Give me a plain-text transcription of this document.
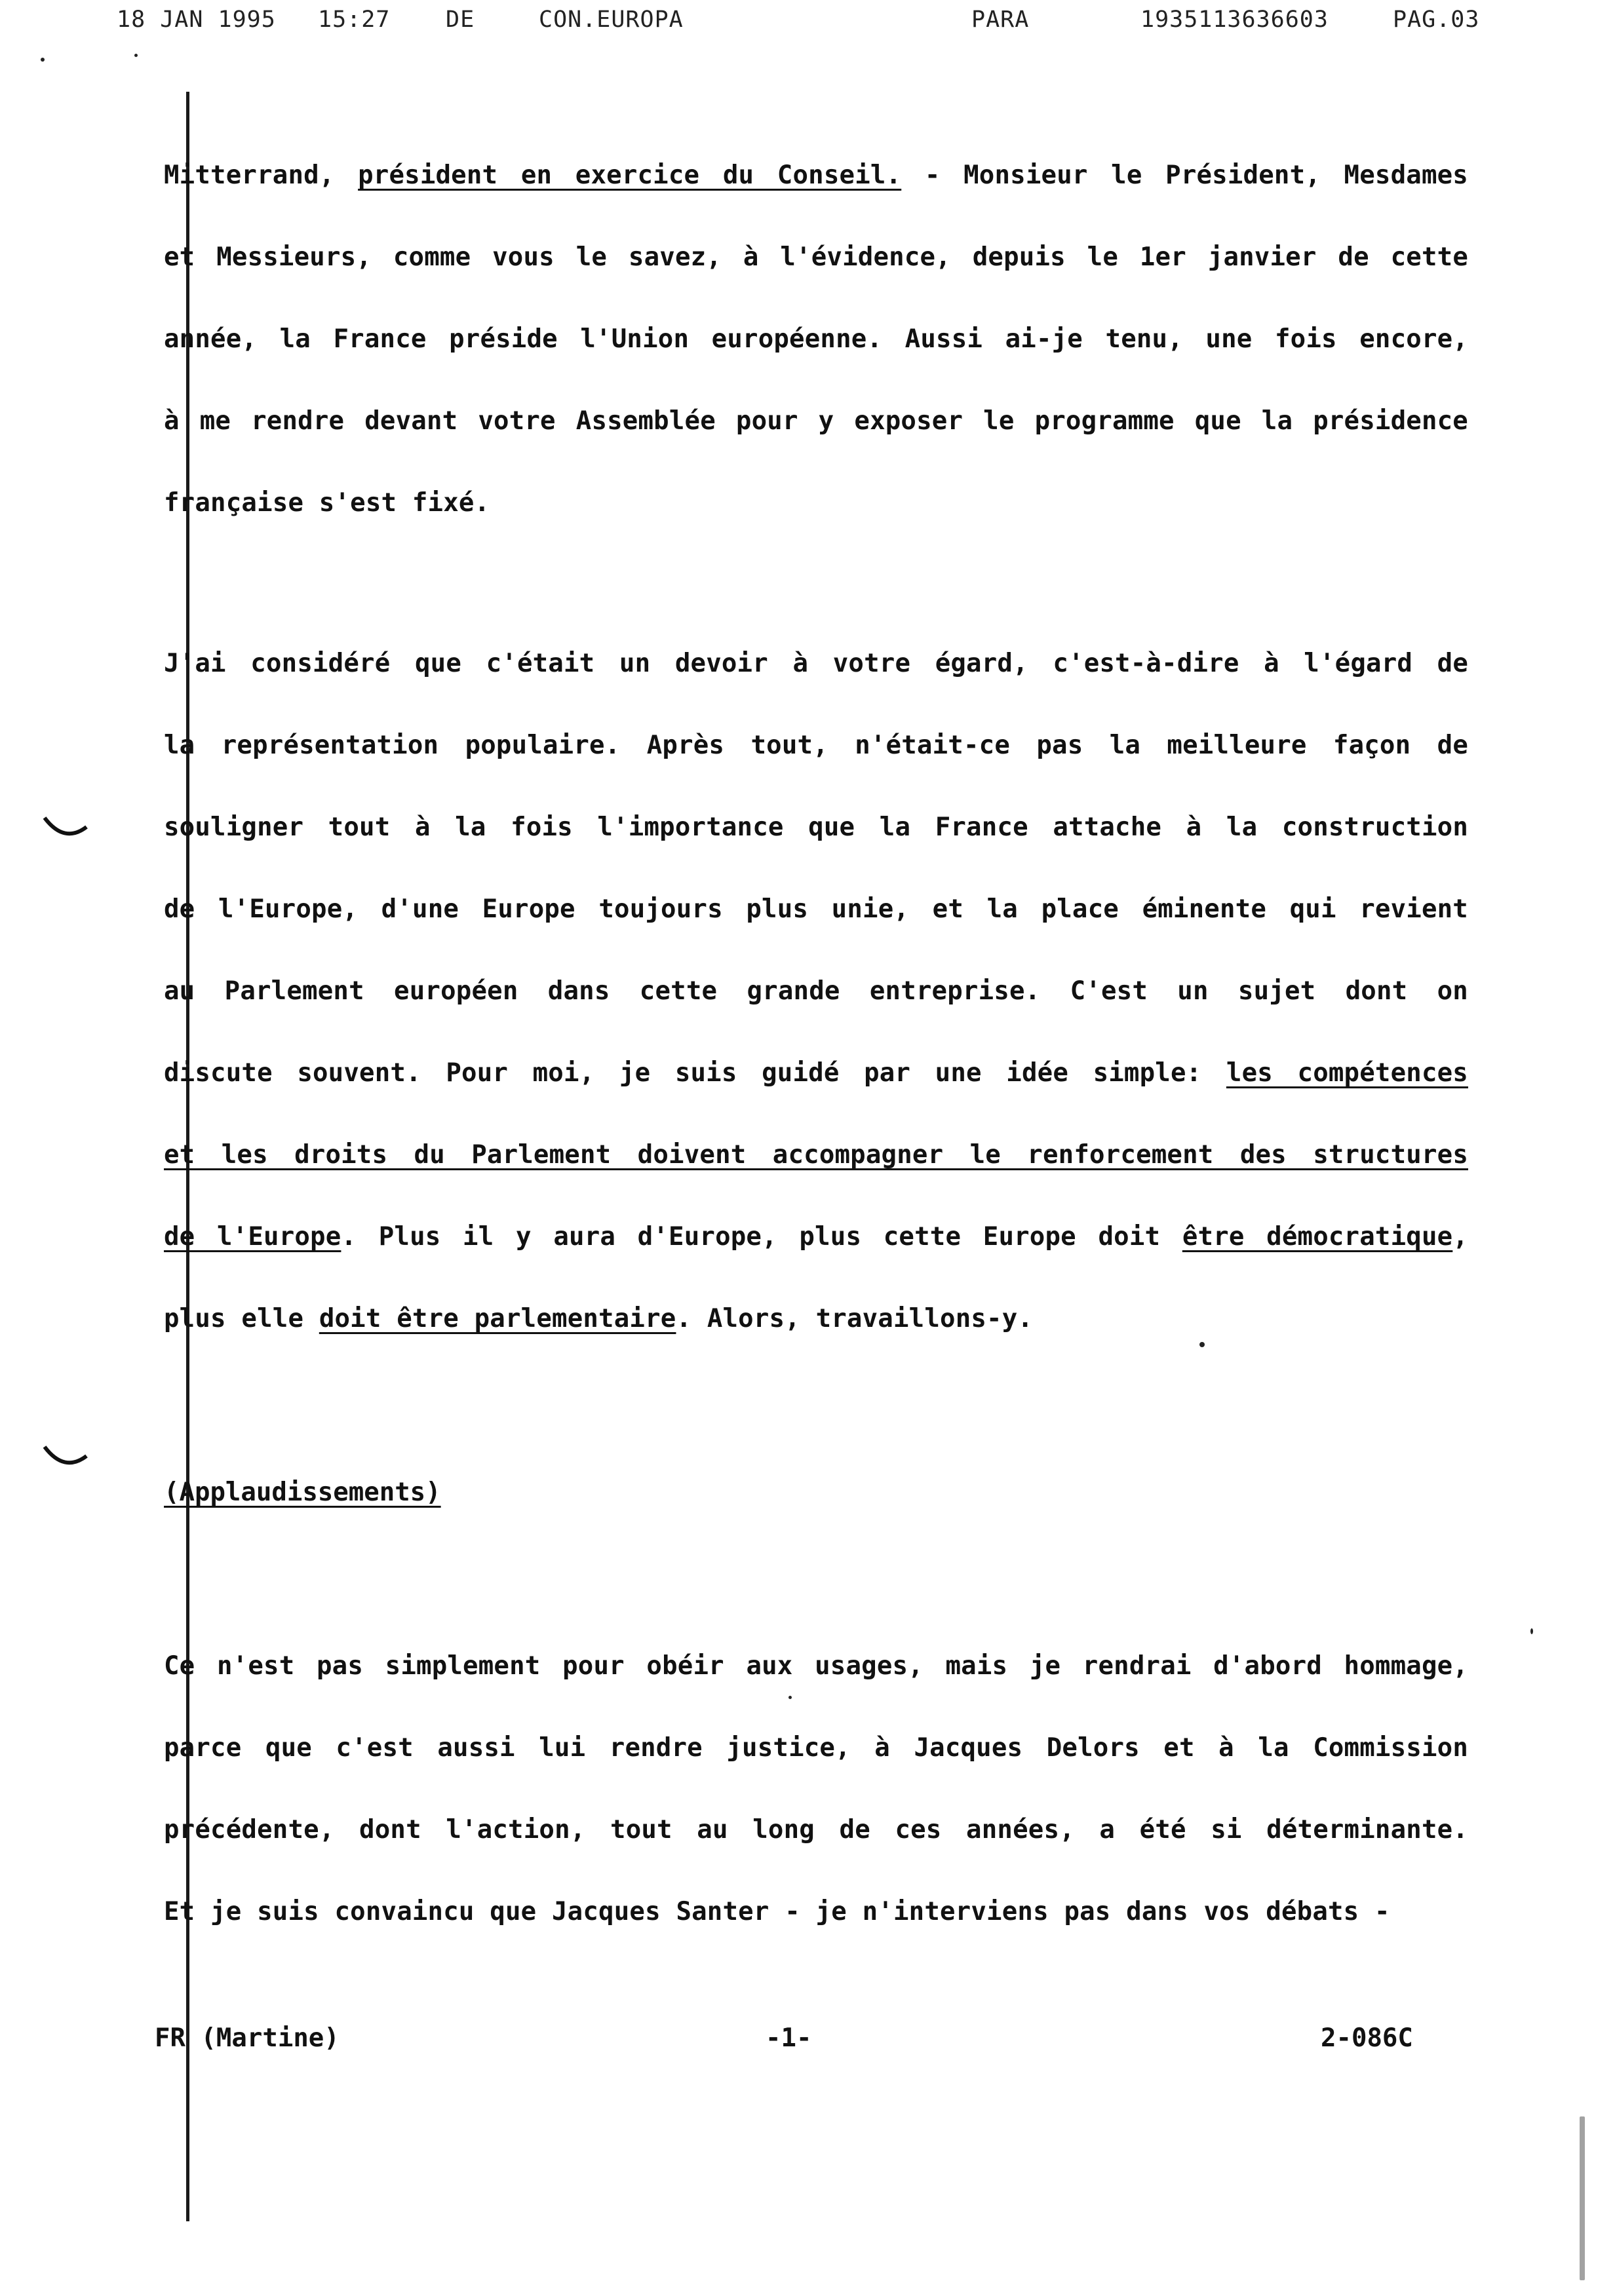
18 JAN 1995 15:27 DE	CON.EUROPA	PARA	1935113636603	PAG.03
Mitterrand, président en exercice du Conseil. - Monsieur le Président, Mesdames
et Messieurs, comme vous le savez, à l'évidence, depuis le 1er janvier de cette
année, la France préside l'Union européenne. Aussi ai-je tenu, une fois encore,
à me rendre devant votre Assemblée pour y exposer le programme que la présidence
française s'est fixé.
J'ai considéré que c'était un devoir à votre égard, c'est-à-dire à l'égard de
la représentation populaire. Après tout, n'était-ce pas la meilleure façon de
souligner tout à la fois l'importance que la France attache à la construction
de l'Europe, d'une Europe toujours plus unie, et la place éminente qui revient
au Parlement européen dans cette grande entreprise. C'est un sujet dont on
discute souvent. Pour moi, je suis guidé par une idée simple: les compétences
et les droits du Parlement doivent accompagner le renforcement des structures
de l'Europe. Plus il y aura d'Europe, plus cette Europe doit être démocratique,
plus elle doit être parlementaire. Alors, travaillons-y.
(Applaudissements)
Ce n'est pas simplement pour obéir aux usages, mais je rendrai d'abord hommage,
parce que c'est aussi lui rendre justice, à Jacques Delors et à la Commission
précédente, dont l'action, tout au long de ces années, a été si déterminante.
Et je suis convaincu que Jacques Santer - je n'interviens pas dans vos débats -
FR (Martine)	-1-	2-086C
